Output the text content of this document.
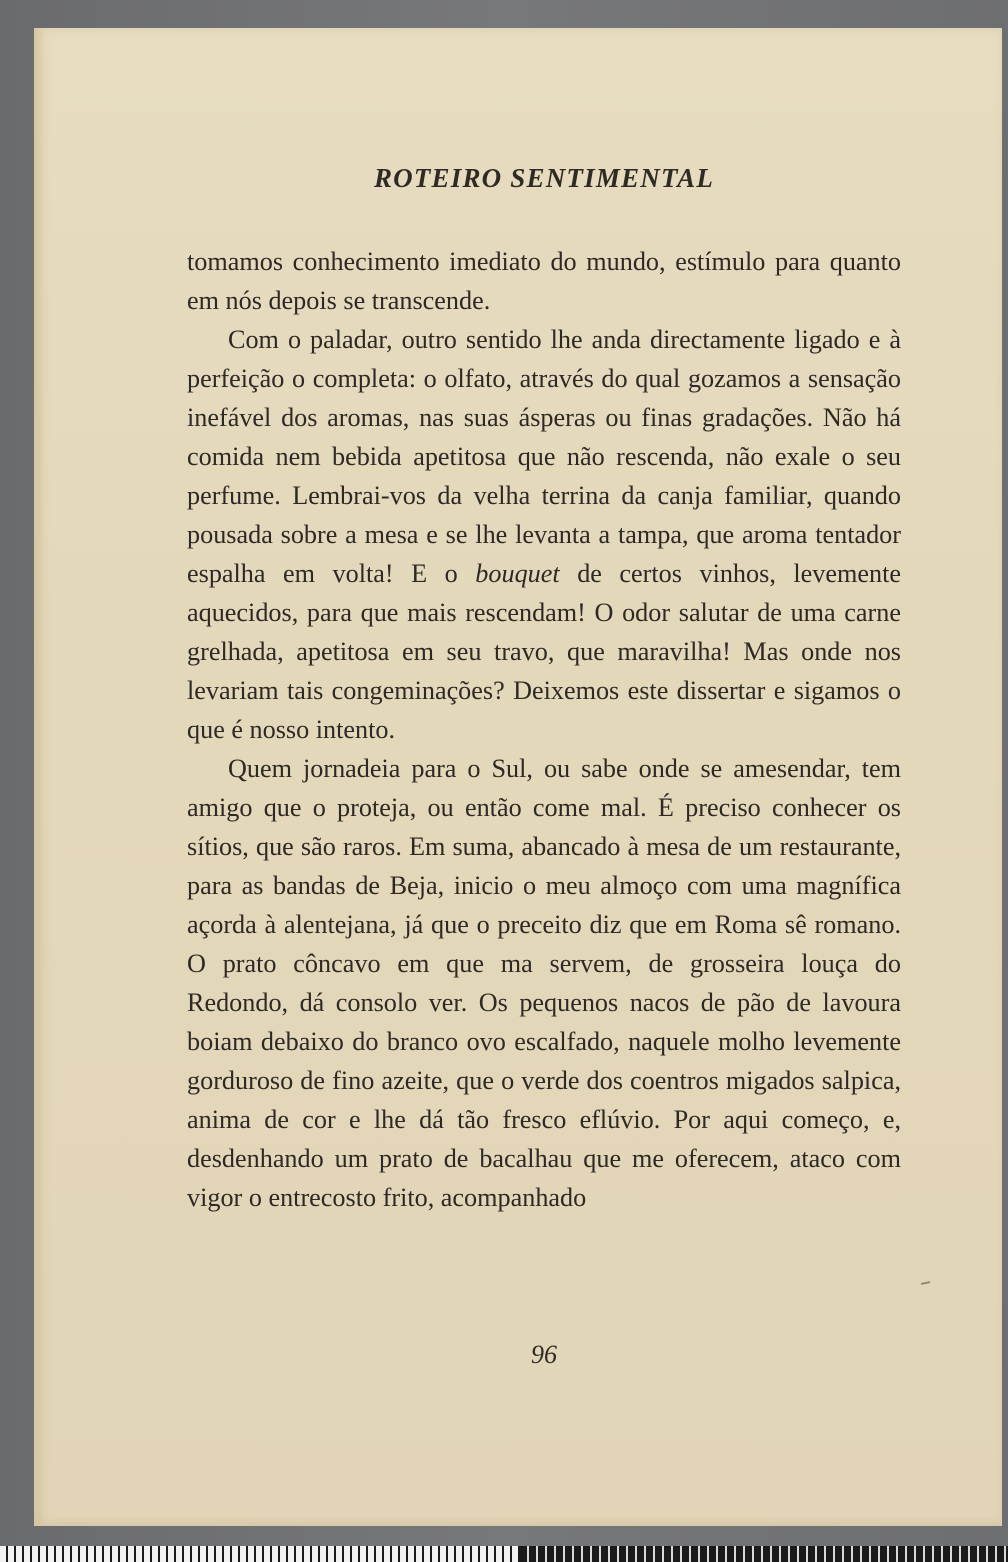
ROTEIRO SENTIMENTAL

tomamos conhecimento imediato do mundo, estímulo para quanto em nós depois se transcende.

Com o paladar, outro sentido lhe anda directamente ligado e à perfeição o completa: o olfato, através do qual gozamos a sensação inefável dos aromas, nas suas ásperas ou finas gradações. Não há comida nem bebida apetitosa que não rescenda, não exale o seu perfume. Lembrai-vos da velha terrina da canja familiar, quando pousada sobre a mesa e se lhe levanta a tampa, que aroma tentador espalha em volta! E o bouquet de certos vinhos, levemente aquecidos, para que mais rescendam! O odor salutar de uma carne grelhada, apetitosa em seu travo, que maravilha! Mas onde nos levariam tais congeminações? Deixemos este dissertar e sigamos o que é nosso intento.

Quem jornadeia para o Sul, ou sabe onde se amesendar, tem amigo que o proteja, ou então come mal. É preciso conhecer os sítios, que são raros. Em suma, abancado à mesa de um restaurante, para as bandas de Beja, inicio o meu almoço com uma magnífica açorda à alentejana, já que o preceito diz que em Roma sê romano. O prato côncavo em que ma servem, de grosseira louça do Redondo, dá consolo ver. Os pequenos nacos de pão de lavoura boiam debaixo do branco ovo escalfado, naquele molho levemente gorduroso de fino azeite, que o verde dos coentros migados salpica, anima de cor e lhe dá tão fresco eflúvio. Por aqui começo, e, desdenhando um prato de bacalhau que me oferecem, ataco com vigor o entrecosto frito, acompanhado

96
